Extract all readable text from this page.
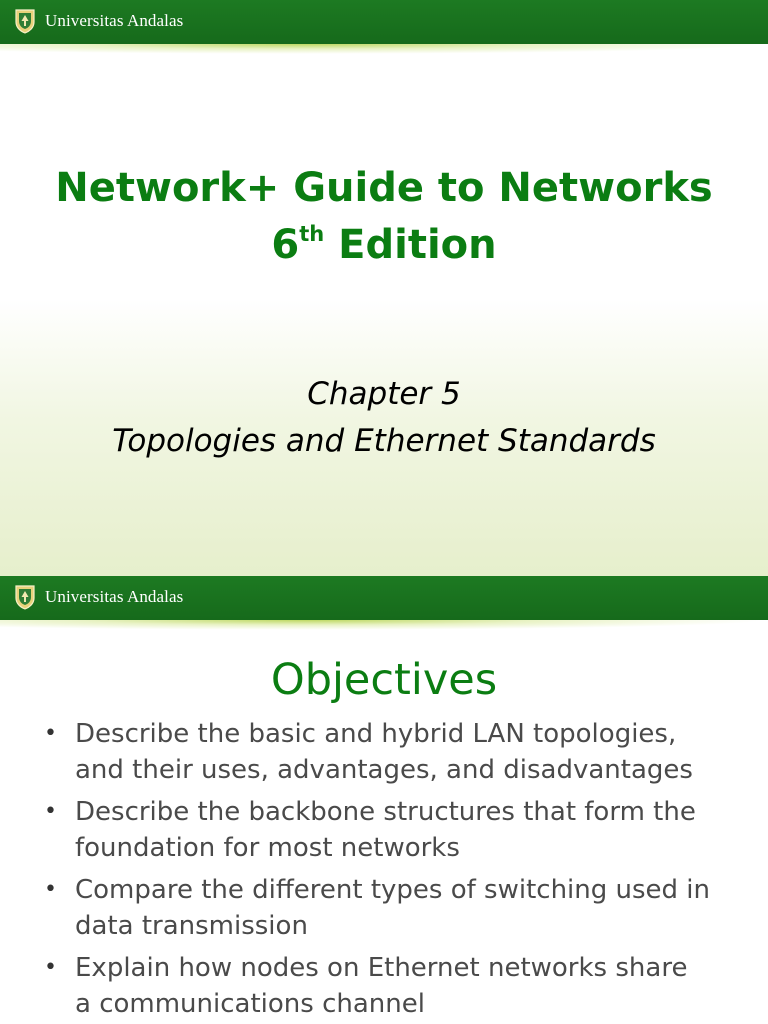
Universitas Andalas
Network+ Guide to Networks
6th Edition
Chapter 5
Topologies and Ethernet Standards
Universitas Andalas
Objectives
• Describe the basic and hybrid LAN topologies,
and their uses, advantages, and disadvantages
• Describe the backbone structures that form the
foundation for most networks
• Compare the different types of switching used in
data transmission
• Explain how nodes on Ethernet networks share
a communications channel
